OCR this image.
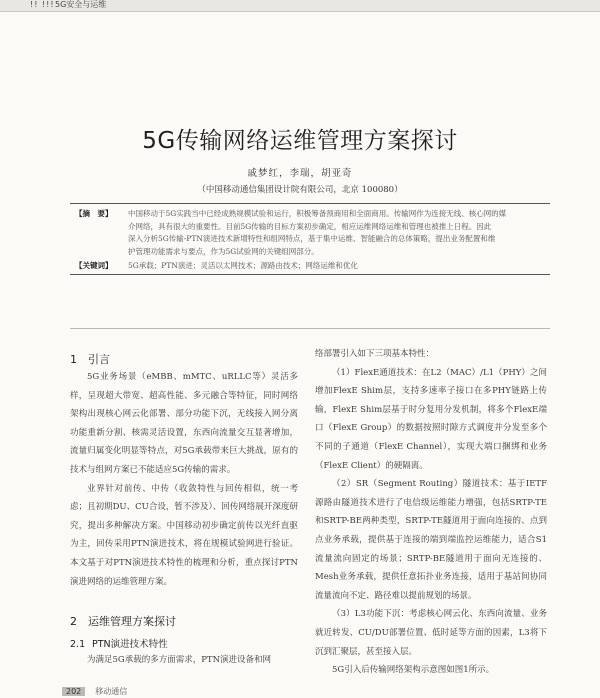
!! !!! 5G安全与运维
5G传输网络运维管理方案探讨
戚梦红，李瑞，胡亚奇
（中国移动通信集团设计院有限公司，北京 100080）
【摘　要】	中国移动于5G实践当中已经成熟规模试验和运行，积极筹备预商用和全面商用。传输网作为连接无线、核心网的媒
介网络，具有很大的重要性。目前5G传输的目标方案初步确定，相应运维网络运维和管理也被推上日程。因此
深入分析5G传输-PTN演进技术新增特性和组网特点，基于集中运维、智能融合的总体策略，提出业务配置和维
护管理功能需求与要点，作为5G试验网的关键组网部分。
【关键词】	5G承载；PTN演进；灵活以太网技术；源路由技术；网络运维和优化
1 引言

5G业务场景（eMBB、mMTC、uRLLC等）灵活多样，呈现超大带宽、超高性能、多元融合等特征，同时网络架构出现核心网云化部署、部分功能下沉，无线接入网分离功能重新分割、核需灵活设置，东西向流量交互显著增加，流量归属变化明显等特点，对5G承载带来巨大挑战，原有的技术与组网方案已不能适应5G传输的需求。

业界针对前传、中传（收敛特性与回传相似，统一考虑；且初期DU、CU合设，暂不涉及）、回传网络展开深度研究，提出多种解决方案。中国移动初步确定前传以光纤直驱为主，回传采用PTN演进技术，将在规模试验网进行验证。本文基于对PTN演进技术特性的梳理和分析，重点探讨PTN演进网络的运维管理方案。

2 运维管理方案探讨
2.1 PTN演进技术特性

为满足5G承载的多方面需求，PTN演进设备和网

络部署引入如下三项基本特性：

（1）FlexE通道技术：在L2（MAC）/L1（PHY）之间增加FlexE Shim层，支持多速率子接口在多PHY链路上传输，FlexE Shim层基于时分复用分发机制，将多个FlexE端口（FlexE Group）的数据按照时隙方式调度并分发至多个不同的子通道（FlexE Channel），实现大端口捆绑和业务（FlexE Client）的硬隔离。

（2）SR（Segment Routing）隧道技术：基于IETF源路由隧道技术进行了电信级运维能力增强，包括SRTP-TE和SRTP-BE两种类型，SRTP-TE隧道用于面向连接的、点到点业务承载，提供基于连接的端到端监控运维能力，适合S1流量流向固定的场景；SRTP-BE隧道用于面向无连接的、Mesh业务承载，提供任意拓扑业务连接，适用于基站间协同流量流向不定、路径难以提前规划的场景。

（3）L3功能下沉：考虑核心网云化、东西向流量、业务就近转发、CU/DU部署位置、低时延等方面的因素，L3将下沉到汇聚层，甚至接入层。

5G引入后传输网络架构示意图如图1所示。

202 移动通信
